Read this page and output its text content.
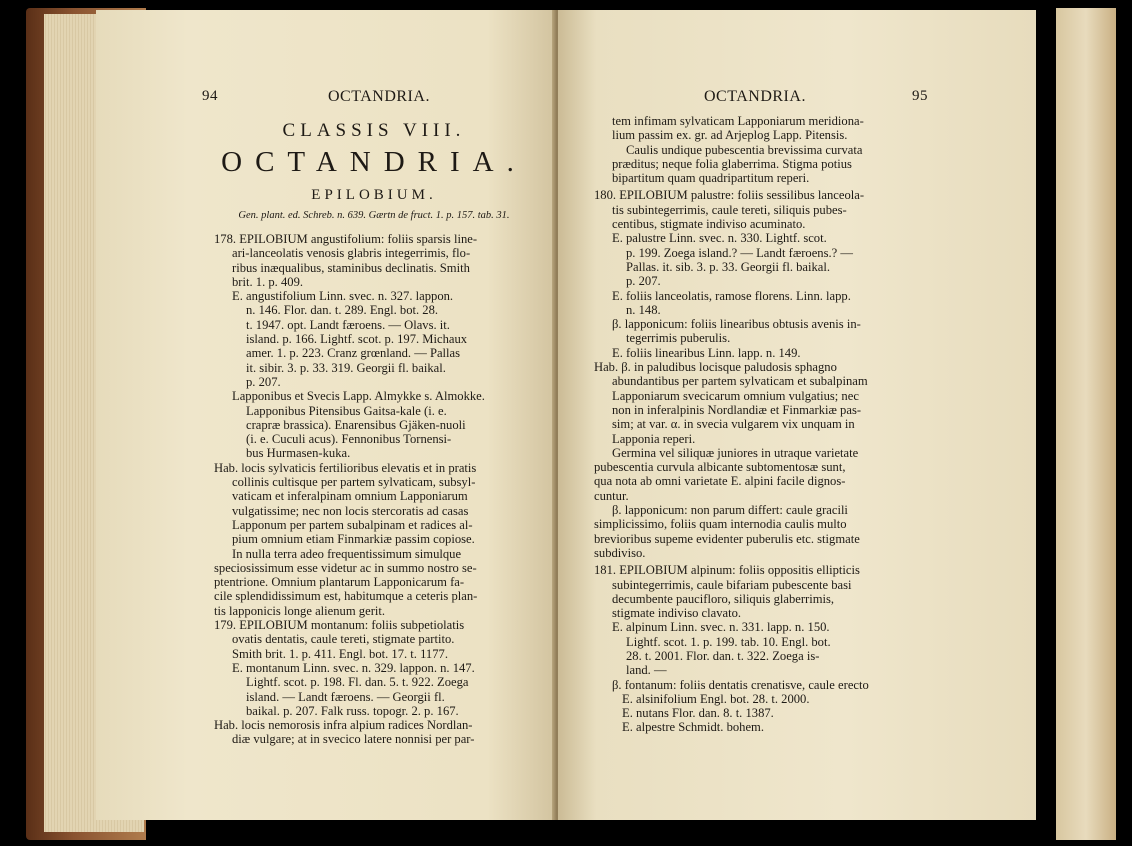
94	OCTANDRIA.
CLASSIS VIII.
OCTANDRIA.
EPILOBIUM.
Gen. plant. ed. Schreb. n. 639. Gærtn de fruct. 1. p. 157. tab. 31.

178. EPILOBIUM angustifolium: foliis sparsis line-

ari-lanceolatis venosis glabris integerrimis, flo-

ribus inæqualibus, staminibus declinatis. Smith

brit. 1. p. 409.

E. angustifolium Linn. svec. n. 327. lappon.

n. 146. Flor. dan. t. 289. Engl. bot. 28.

t. 1947. opt. Landt færoens. — Olavs. it.

island. p. 166. Lightf. scot. p. 197. Michaux

amer. 1. p. 223. Cranz grœnland. — Pallas

it. sibir. 3. p. 33. 319. Georgii fl. baikal.

p. 207.

Lapponibus et Svecis Lapp. Almykke s. Almokke.

Lapponibus Pitensibus Gaitsa-kale (i. e.

crapræ brassica). Enarensibus Gjäken-nuoli

(i. e. Cuculi acus). Fennonibus Tornensi-

bus Hurmasen-kuka.

Hab. locis sylvaticis fertilioribus elevatis et in pratis

collinis cultisque per partem sylvaticam, subsyl-

vaticam et inferalpinam omnium Lapponiarum

vulgatissime; nec non locis stercoratis ad casas

Lapponum per partem subalpinam et radices al-

pium omnium etiam Finmarkiæ passim copiose.

In nulla terra adeo frequentissimum simulque

speciosissimum esse videtur ac in summo nostro se-

ptentrione. Omnium plantarum Lapponicarum fa-

cile splendidissimum est, habitumque a ceteris plan-

tis lapponicis longe alienum gerit.

179. EPILOBIUM montanum: foliis subpetiolatis

ovatis dentatis, caule tereti, stigmate partito.

Smith brit. 1. p. 411. Engl. bot. 17. t. 1177.

E. montanum Linn. svec. n. 329. lappon. n. 147.

Lightf. scot. p. 198. Fl. dan. 5. t. 922. Zoega

island. — Landt færoens. — Georgii fl.

baikal. p. 207. Falk russ. topogr. 2. p. 167.

Hab. locis nemorosis infra alpium radices Nordlan-

diæ vulgare; at in svecico latere nonnisi per par-

OCTANDRIA.	95

tem infimam sylvaticam Lapponiarum meridiona-

lium passim ex. gr. ad Arjeplog Lapp. Pitensis.

Caulis undique pubescentia brevissima curvata

præditus; neque folia glaberrima. Stigma potius

bipartitum quam quadripartitum reperi.

180. EPILOBIUM palustre: foliis sessilibus lanceola-

tis subintegerrimis, caule tereti, siliquis pubes-

centibus, stigmate indiviso acuminato.

E. palustre Linn. svec. n. 330. Lightf. scot.

p. 199. Zoega island.? — Landt færoens.? —

Pallas. it. sib. 3. p. 33. Georgii fl. baikal.

p. 207.

E. foliis lanceolatis, ramose florens. Linn. lapp.

n. 148.

β. lapponicum: foliis linearibus obtusis avenis in-

tegerrimis puberulis.

E. foliis linearibus Linn. lapp. n. 149.

Hab. β. in paludibus locisque paludosis sphagno

abundantibus per partem sylvaticam et subalpinam

Lapponiarum svecicarum omnium vulgatius; nec

non in inferalpinis Nordlandiæ et Finmarkiæ pas-

sim; at var. α. in svecia vulgarem vix unquam in

Lapponia reperi.

Germina vel siliquæ juniores in utraque varietate

pubescentia curvula albicante subtomentosæ sunt,

qua nota ab omni varietate E. alpini facile dignos-

cuntur.

β. lapponicum: non parum differt: caule gracili

simplicissimo, foliis quam internodia caulis multo

brevioribus supeme evidenter puberulis etc. stigmate

subdiviso.

181. EPILOBIUM alpinum: foliis oppositis ellipticis

subintegerrimis, caule bifariam pubescente basi

decumbente paucifloro, siliquis glaberrimis,

stigmate indiviso clavato.

E. alpinum Linn. svec. n. 331. lapp. n. 150.

Lightf. scot. 1. p. 199. tab. 10. Engl. bot.

28. t. 2001. Flor. dan. t. 322. Zoega is-

land. —

β. fontanum: foliis dentatis crenatisve, caule erecto

E. alsinifolium Engl. bot. 28. t. 2000.

E. nutans Flor. dan. 8. t. 1387.

E. alpestre Schmidt. bohem.
